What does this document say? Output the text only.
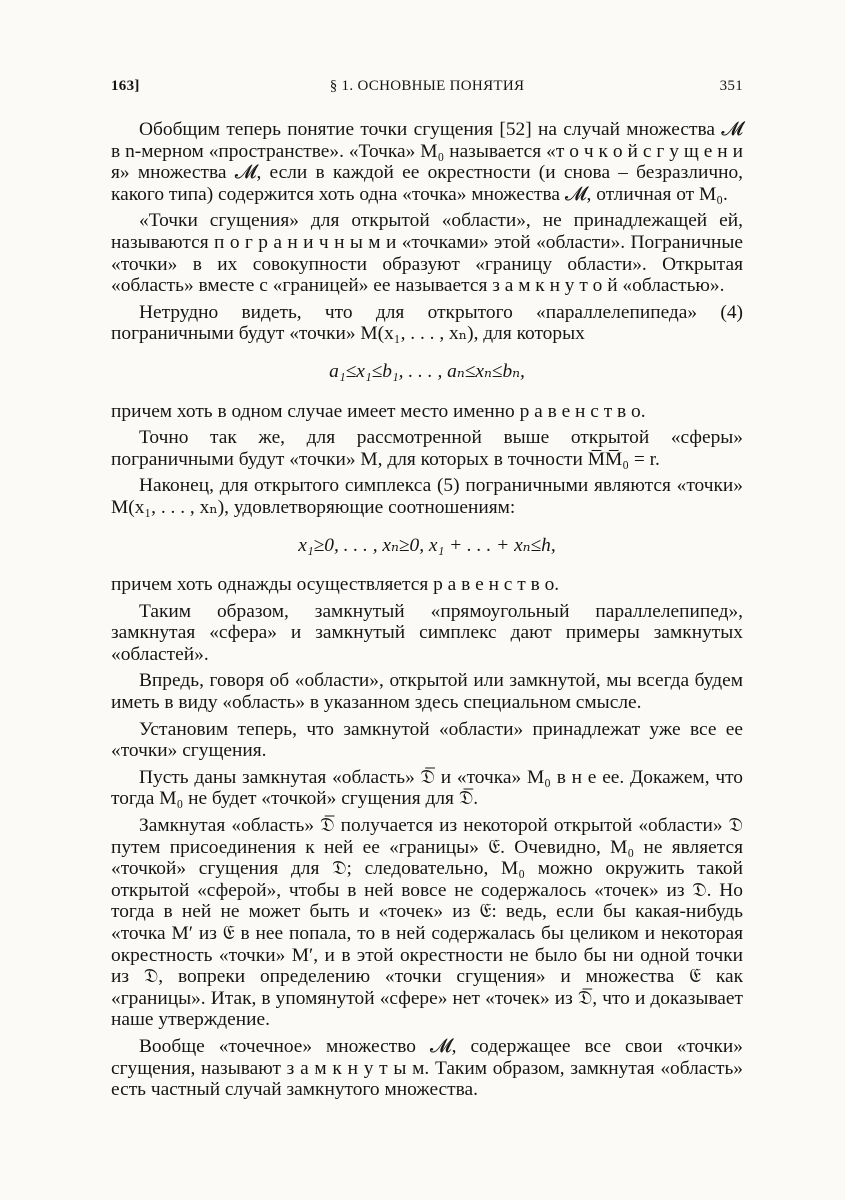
163]	§ 1. ОСНОВНЫЕ ПОНЯТИЯ	351

Обобщим теперь понятие точки сгущения [52] на случай множества 𝓜 в n-мерном «пространстве». «Точка» M₀ называется «т о ч к о й с г у щ е н и я» множества 𝓜, если в каждой ее окрестности (и снова – безразлично, какого типа) содержится хоть одна «точка» множества 𝓜, отличная от M₀.

«Точки сгущения» для открытой «области», не принадлежащей ей, называются п о г р а н и ч н ы м и «точками» этой «области». Пограничные «точки» в их совокупности образуют «границу области». Открытая «область» вместе с «границей» ее называется з а м к н у т о й «областью».

Нетрудно видеть, что для открытого «параллелепипеда» (4) пограничными будут «точки» M(x₁, . . . , xₙ), для которых

a₁≤x₁≤b₁, . . . , aₙ≤xₙ≤bₙ,

причем хоть в одном случае имеет место именно р а в е н с т в о.

Точно так же, для рассмотренной выше открытой «сферы» пограничными будут «точки» M, для которых в точности M̅M̅₀ = r.

Наконец, для открытого симплекса (5) пограничными являются «точки» M(x₁, . . . , xₙ), удовлетворяющие соотношениям:

x₁≥0, . . . , xₙ≥0, x₁ + . . . + xₙ≤h,

причем хоть однажды осуществляется р а в е н с т в о.

Таким образом, замкнутый «прямоугольный параллелепипед», замкнутая «сфера» и замкнутый симплекс дают примеры замкнутых «областей».

Впредь, говоря об «области», открытой или замкнутой, мы всегда будем иметь в виду «область» в указанном здесь специальном смысле.

Установим теперь, что замкнутой «области» принадлежат уже все ее «точки» сгущения.

Пусть даны замкнутая «область» 𝔇̅ и «точка» M₀ в н е ее. Докажем, что тогда M₀ не будет «точкой» сгущения для 𝔇̅.

Замкнутая «область» 𝔇̅ получается из некоторой открытой «области» 𝔇 путем присоединения к ней ее «границы» 𝔈. Очевидно, M₀ не является «точкой» сгущения для 𝔇; следовательно, M₀ можно окружить такой открытой «сферой», чтобы в ней вовсе не содержалось «точек» из 𝔇. Но тогда в ней не может быть и «точек» из 𝔈: ведь, если бы какая-нибудь «точка M′ из 𝔈 в нее попала, то в ней содержалась бы целиком и некоторая окрестность «точки» M′, и в этой окрестности не было бы ни одной точки из 𝔇, вопреки определению «точки сгущения» и множества 𝔈 как «границы». Итак, в упомянутой «сфере» нет «точек» из 𝔇̅, что и доказывает наше утверждение.

Вообще «точечное» множество 𝓜, содержащее все свои «точки» сгущения, называют з а м к н у т ы м. Таким образом, замкнутая «область» есть частный случай замкнутого множества.
